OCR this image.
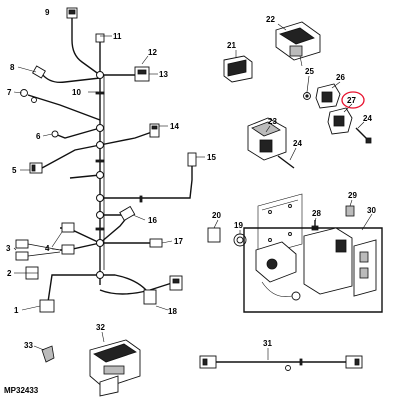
1
2
3	4
5
6
7
8
9
10
11
12
13
14
15
16
17
18
19
20
21
22
23
24
24
25
26
27
28
29
30
31
32
33
MP32433
